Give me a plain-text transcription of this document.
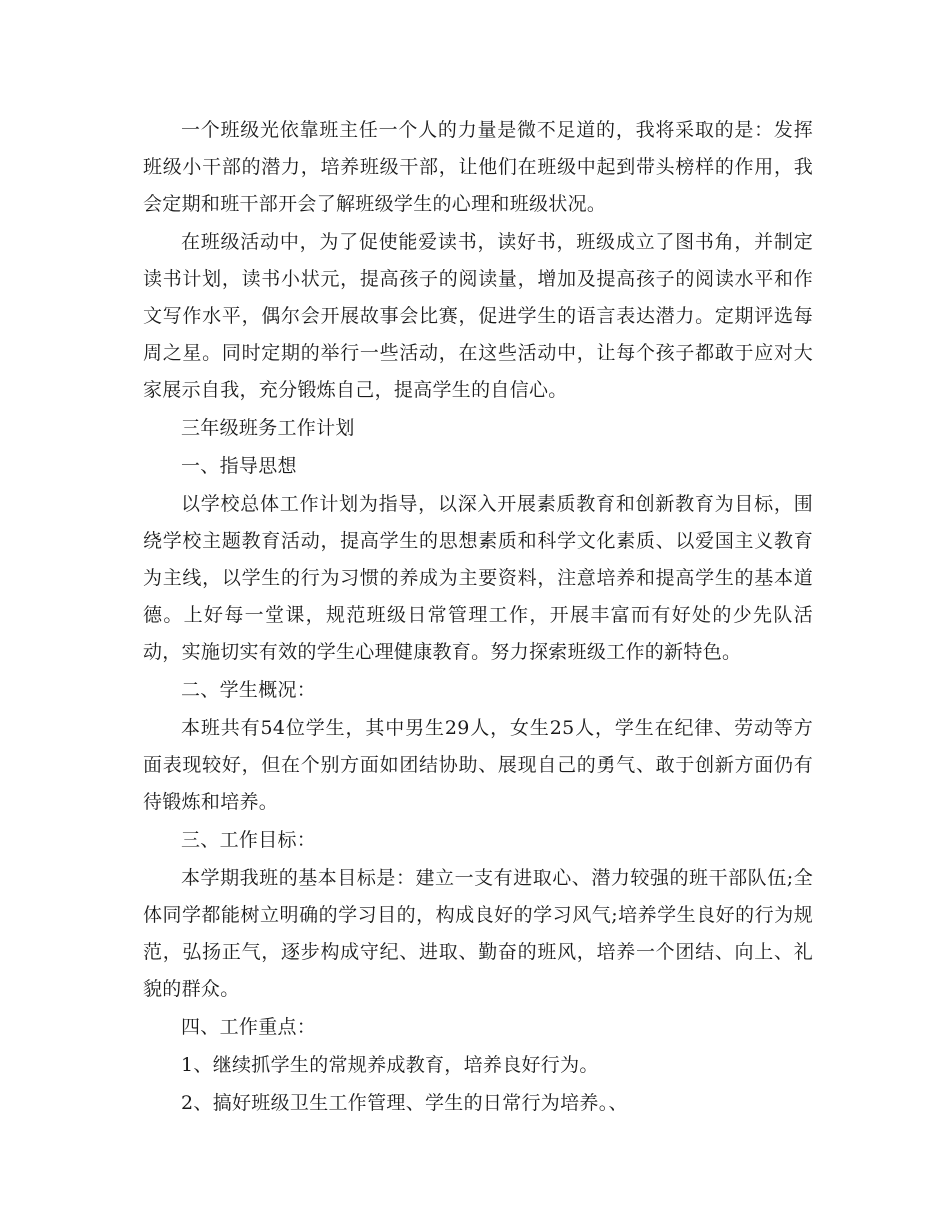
一个班级光依靠班主任一个人的力量是微不足道的，我将采取的是：发挥班级小干部的潜力，培养班级干部，让他们在班级中起到带头榜样的作用，我会定期和班干部开会了解班级学生的心理和班级状况。

在班级活动中，为了促使能爱读书，读好书，班级成立了图书角，并制定读书计划，读书小状元，提高孩子的阅读量，增加及提高孩子的阅读水平和作文写作水平，偶尔会开展故事会比赛，促进学生的语言表达潜力。定期评选每周之星。同时定期的举行一些活动，在这些活动中，让每个孩子都敢于应对大家展示自我，充分锻炼自己，提高学生的自信心。

三年级班务工作计划

一、指导思想

以学校总体工作计划为指导，以深入开展素质教育和创新教育为目标，围绕学校主题教育活动，提高学生的思想素质和科学文化素质、以爱国主义教育为主线，以学生的行为习惯的养成为主要资料，注意培养和提高学生的基本道德。上好每一堂课，规范班级日常管理工作，开展丰富而有好处的少先队活动，实施切实有效的学生心理健康教育。努力探索班级工作的新特色。

二、学生概况：

本班共有54位学生，其中男生29人，女生25人，学生在纪律、劳动等方面表现较好，但在个别方面如团结协助、展现自己的勇气、敢于创新方面仍有待锻炼和培养。

三、工作目标：

本学期我班的基本目标是：建立一支有进取心、潜力较强的班干部队伍;全体同学都能树立明确的学习目的，构成良好的学习风气;培养学生良好的行为规范，弘扬正气，逐步构成守纪、进取、勤奋的班风，培养一个团结、向上、礼貌的群众。

四、工作重点：

1、继续抓学生的常规养成教育，培养良好行为。

2、搞好班级卫生工作管理、学生的日常行为培养。、
